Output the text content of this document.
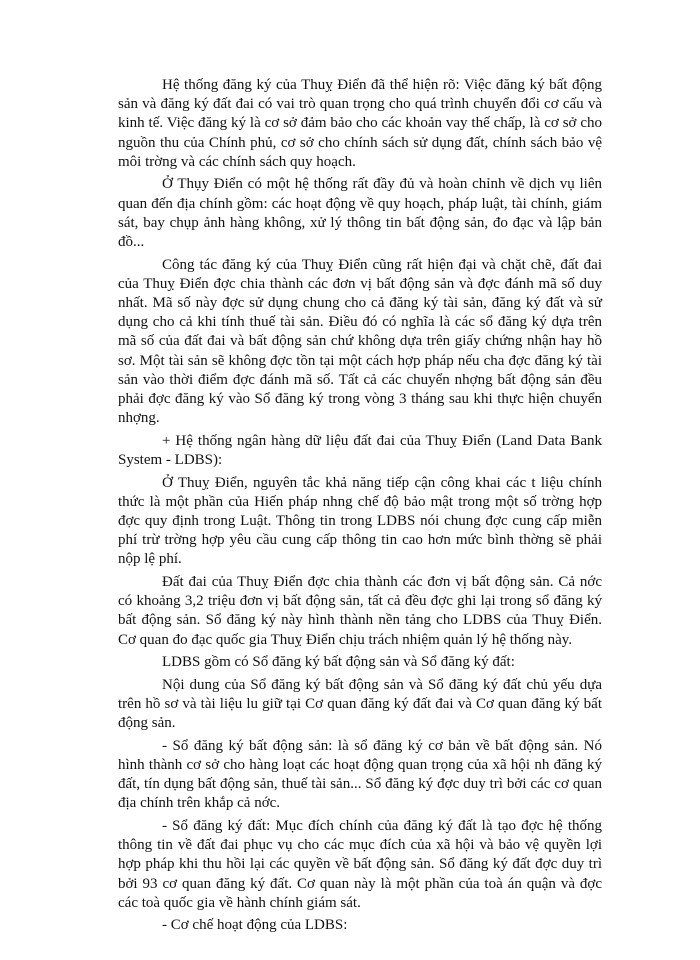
Hệ thống đăng ký của Thuỵ Điển đã thể hiện rõ: Việc đăng ký bất động sản và đăng ký đất đai có vai trò quan trọng cho quá trình chuyển đổi cơ cấu và kinh tế. Việc đăng ký là cơ sở đảm bảo cho các khoản vay thế chấp, là cơ sở cho nguồn thu của Chính phủ, cơ sở cho chính sách sử dụng đất, chính sách bảo vệ môi trờng và các chính sách quy hoạch.

Ở Thụy Điển có một hệ thống rất đầy đủ và hoàn chỉnh về dịch vụ liên quan đến địa chính gồm: các hoạt động về quy hoạch, pháp luật, tài chính, giám sát, bay chụp ảnh hàng không, xử lý thông tin bất động sản, đo đạc và lập bản đồ...

Công tác đăng ký của Thuỵ Điển cũng rất hiện đại và chặt chẽ, đất đai của Thuỵ Điển đợc chia thành các đơn vị bất động sản và đợc đánh mã số duy nhất. Mã số này đợc sử dụng chung cho cả đăng ký tài sản, đăng ký đất và sử dụng cho cả khi tính thuế tài sản. Điều đó có nghĩa là các sổ đăng ký dựa trên mã số của đất đai và bất động sản chứ không dựa trên giấy chứng nhận hay hồ sơ. Một tài sản sẽ không đợc tồn tại một cách hợp pháp nếu cha đợc đăng ký tài sản vào thời điểm đợc đánh mã số. Tất cả các chuyển nhợng bất động sản đều phải đợc đăng ký vào Sổ đăng ký trong vòng 3 tháng sau khi thực hiện chuyển nhợng.

+ Hệ thống ngân hàng dữ liệu đất đai của Thuỵ Điển (Land Data Bank System - LDBS):

Ở Thuỵ Điển, nguyên tắc khả năng tiếp cận công khai các t liệu chính thức là một phần của Hiến pháp nhng chế độ bảo mật trong một số trờng hợp đợc quy định trong Luật. Thông tin trong LDBS nói chung đợc cung cấp miễn phí trừ trờng hợp yêu cầu cung cấp thông tin cao hơn mức bình thờng sẽ phải nộp lệ phí.

Đất đai của Thuỵ Điển đợc chia thành các đơn vị bất động sản. Cả nớc có khoảng 3,2 triệu đơn vị bất động sản, tất cả đều đợc ghi lại trong sổ đăng ký bất động sản. Sổ đăng ký này hình thành nền tảng cho LDBS của Thuỵ Điển. Cơ quan đo đạc quốc gia Thuỵ Điển chịu trách nhiệm quản lý hệ thống này.

LDBS gồm có Sổ đăng ký bất động sản và Sổ đăng ký đất:

Nội dung của Sổ đăng ký bất động sản và Sổ đăng ký đất chủ yếu dựa trên hồ sơ và tài liệu lu giữ tại Cơ quan đăng ký đất đai và Cơ quan đăng ký bất động sản.

- Sổ đăng ký bất động sản: là sổ đăng ký cơ bản về bất động sản. Nó hình thành cơ sở cho hàng loạt các hoạt động quan trọng của xã hội nh đăng ký đất, tín dụng bất động sản, thuế tài sản... Sổ đăng ký đợc duy trì bởi các cơ quan địa chính trên khắp cả nớc.

- Sổ đăng ký đất: Mục đích chính của đăng ký đất là tạo đợc hệ thống thông tin về đất đai phục vụ cho các mục đích của xã hội và bảo vệ quyền lợi hợp pháp khi thu hồi lại các quyền về bất động sản. Sổ đăng ký đất đợc duy trì bởi 93 cơ quan đăng ký đất. Cơ quan này là một phần của toà án quận và đợc các toà quốc gia về hành chính giám sát.

- Cơ chế hoạt động của LDBS:
